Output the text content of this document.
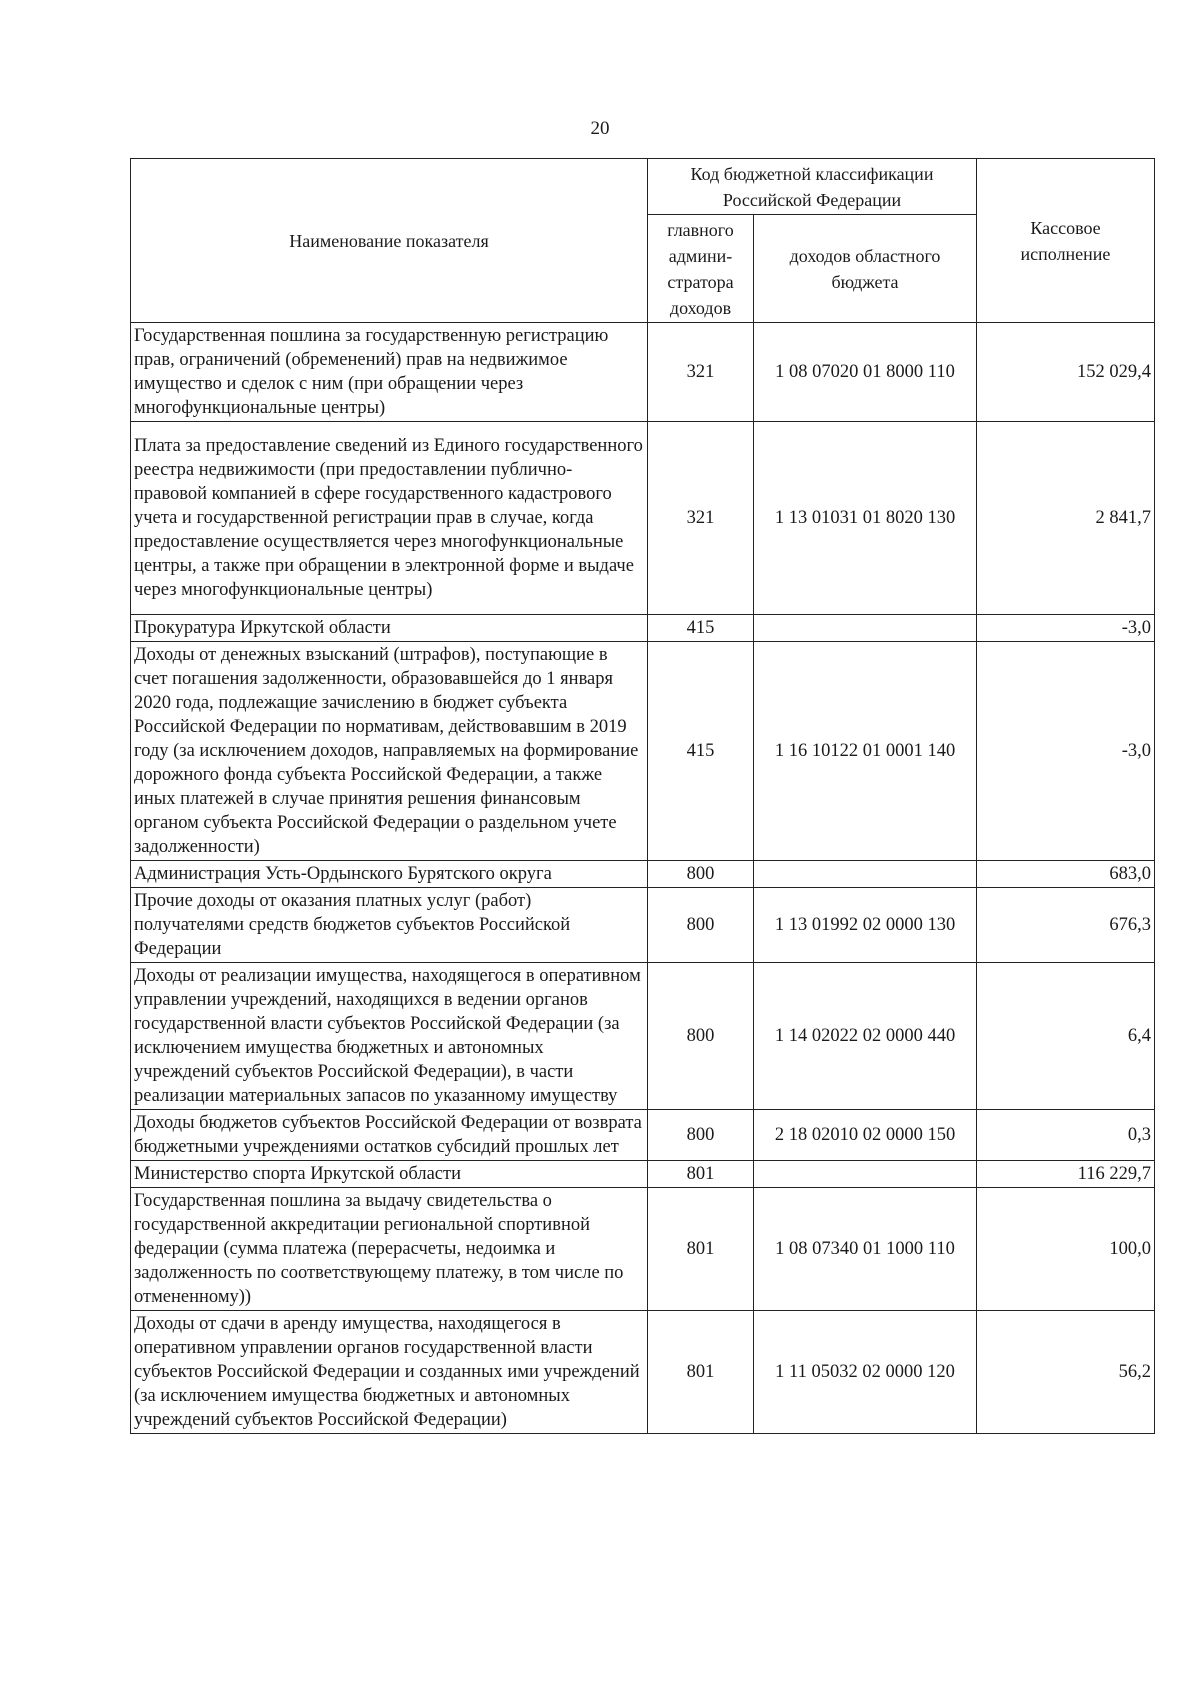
20
Наименование показателя	Код бюджетной классификации Российской Федерации		Кассовое исполнение
	главного админи-стратора доходов	доходов областного бюджета	
Государственная пошлина за государственную регистрацию прав, ограничений (обременений) прав на недвижимое имущество и сделок с ним (при обращении через многофункциональные центры)	321	1 08 07020 01 8000 110	152 029,4
Плата за предоставление сведений из Единого государственного реестра недвижимости (при предоставлении публично-правовой компанией в сфере государственного кадастрового учета и государственной регистрации прав в случае, когда предоставление осуществляется через многофункциональные центры, а также при обращении в электронной форме и выдаче через многофункциональные центры)	321	1 13 01031 01 8020 130	2 841,7
Прокуратура Иркутской области	415		-3,0
Доходы от денежных взысканий (штрафов), поступающие в счет погашения задолженности, образовавшейся до 1 января 2020 года, подлежащие зачислению в бюджет субъекта Российской Федерации по нормативам, действовавшим в 2019 году (за исключением доходов, направляемых на формирование дорожного фонда субъекта Российской Федерации, а также иных платежей в случае принятия решения финансовым органом субъекта Российской Федерации о раздельном учете задолженности)	415	1 16 10122 01 0001 140	-3,0
Администрация Усть-Ордынского Бурятского округа	800		683,0
Прочие доходы от оказания платных услуг (работ) получателями средств бюджетов субъектов Российской Федерации	800	1 13 01992 02 0000 130	676,3
Доходы от реализации имущества, находящегося в оперативном управлении учреждений, находящихся в ведении органов государственной власти субъектов Российской Федерации (за исключением имущества бюджетных и автономных учреждений субъектов Российской Федерации), в части реализации материальных запасов по указанному имуществу	800	1 14 02022 02 0000 440	6,4
Доходы бюджетов субъектов Российской Федерации от возврата бюджетными учреждениями остатков субсидий прошлых лет	800	2 18 02010 02 0000 150	0,3
Министерство спорта Иркутской области	801		116 229,7
Государственная пошлина за выдачу свидетельства о государственной аккредитации региональной спортивной федерации (сумма платежа (перерасчеты, недоимка и задолженность по соответствующему платежу, в том числе по отмененному))	801	1 08 07340 01 1000 110	100,0
Доходы от сдачи в аренду имущества, находящегося в оперативном управлении органов государственной власти субъектов Российской Федерации и созданных ими учреждений (за исключением имущества бюджетных и автономных учреждений субъектов Российской Федерации)	801	1 11 05032 02 0000 120	56,2
